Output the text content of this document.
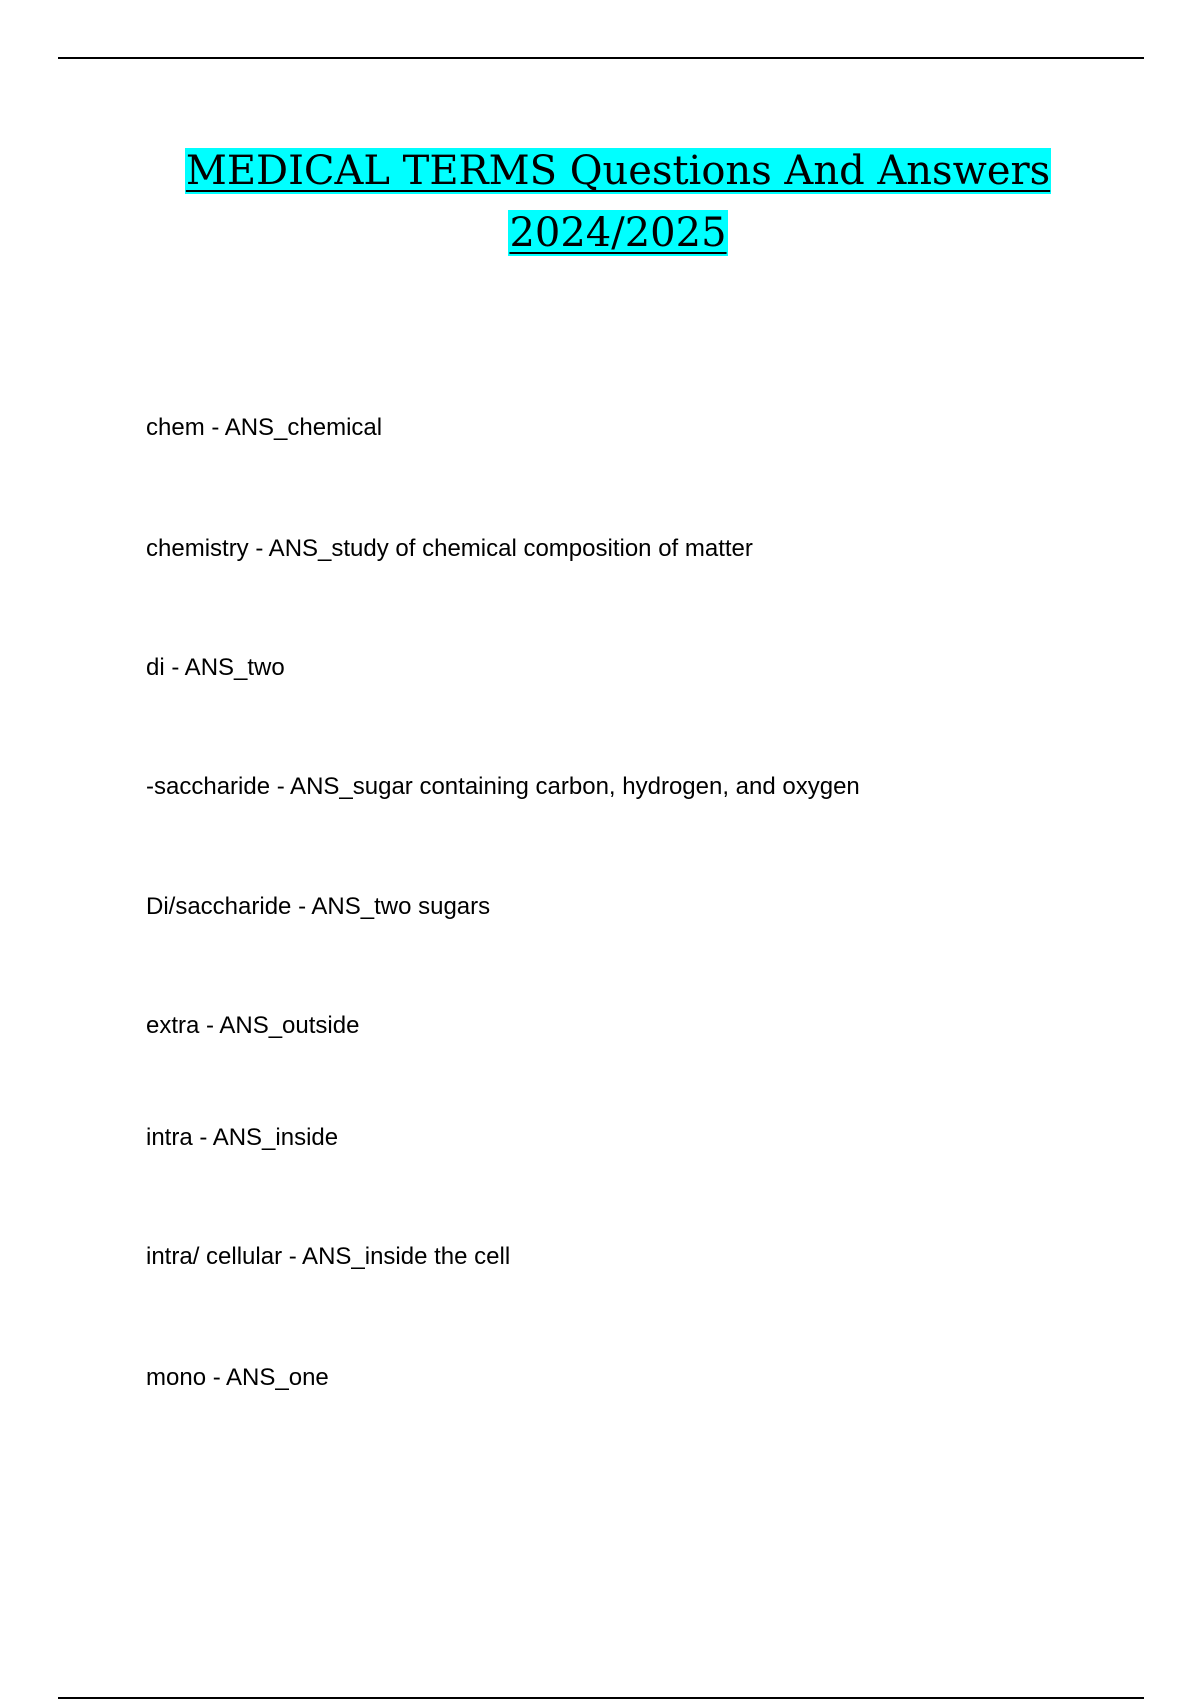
MEDICAL TERMS Questions And Answers
2024/2025

chem - ANS_chemical

chemistry - ANS_study of chemical composition of matter

di - ANS_two

-saccharide - ANS_sugar containing carbon, hydrogen, and oxygen

Di/saccharide - ANS_two sugars

extra - ANS_outside

intra - ANS_inside

intra/ cellular - ANS_inside the cell

mono - ANS_one
